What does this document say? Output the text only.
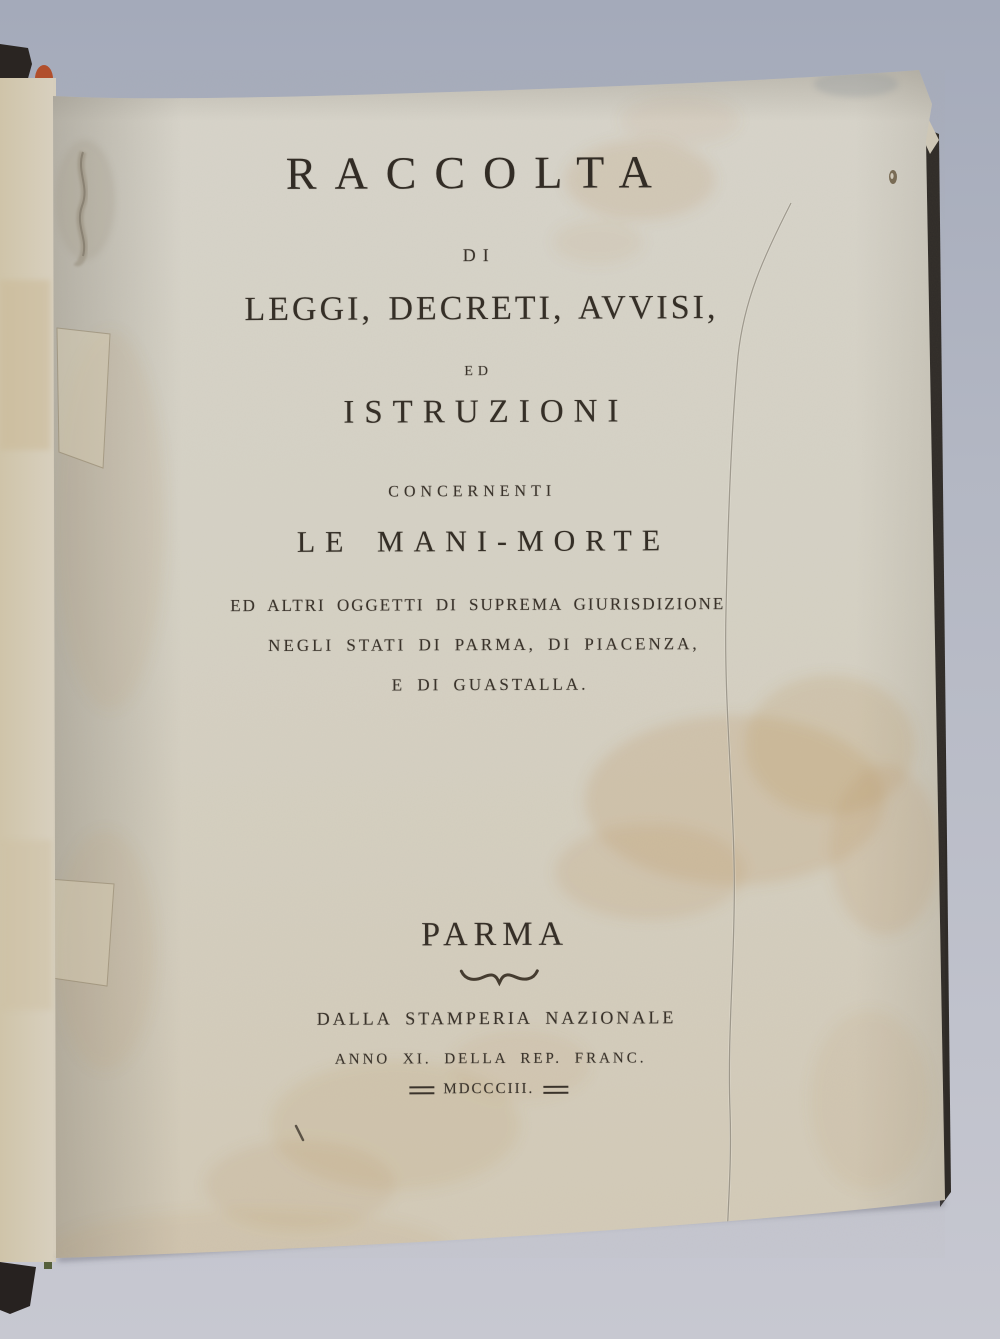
RACCOLTA
DI
LEGGI, DECRETI, AVVISI,
ED
ISTRUZIONI
CONCERNENTI
LE MANI-MORTE
ED ALTRI OGGETTI DI SUPREMA GIURISDIZIONE
NEGLI STATI DI PARMA, DI PIACENZA,
E DI GUASTALLA.
PARMA
DALLA STAMPERIA NAZIONALE
ANNO XI. DELLA REP. FRANC.
MDCCCIII.
